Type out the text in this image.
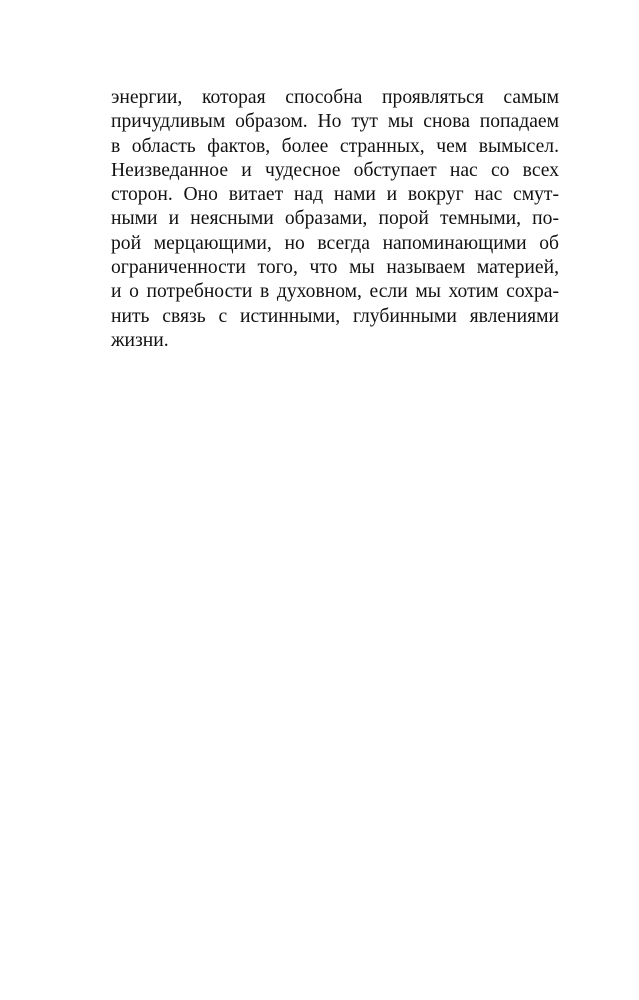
энергии, которая способна проявляться самым
причудливым образом. Но тут мы снова попадаем
в область фактов, более странных, чем вымысел.
Неизведанное и чудесное обступает нас со всех
сторон. Оно витает над нами и вокруг нас смут-
ными и неясными образами, порой темными, по-
рой мерцающими, но всегда напоминающими об
ограниченности того, что мы называем материей,
и о потребности в духовном, если мы хотим сохра-
нить связь с истинными, глубинными явлениями
жизни.
